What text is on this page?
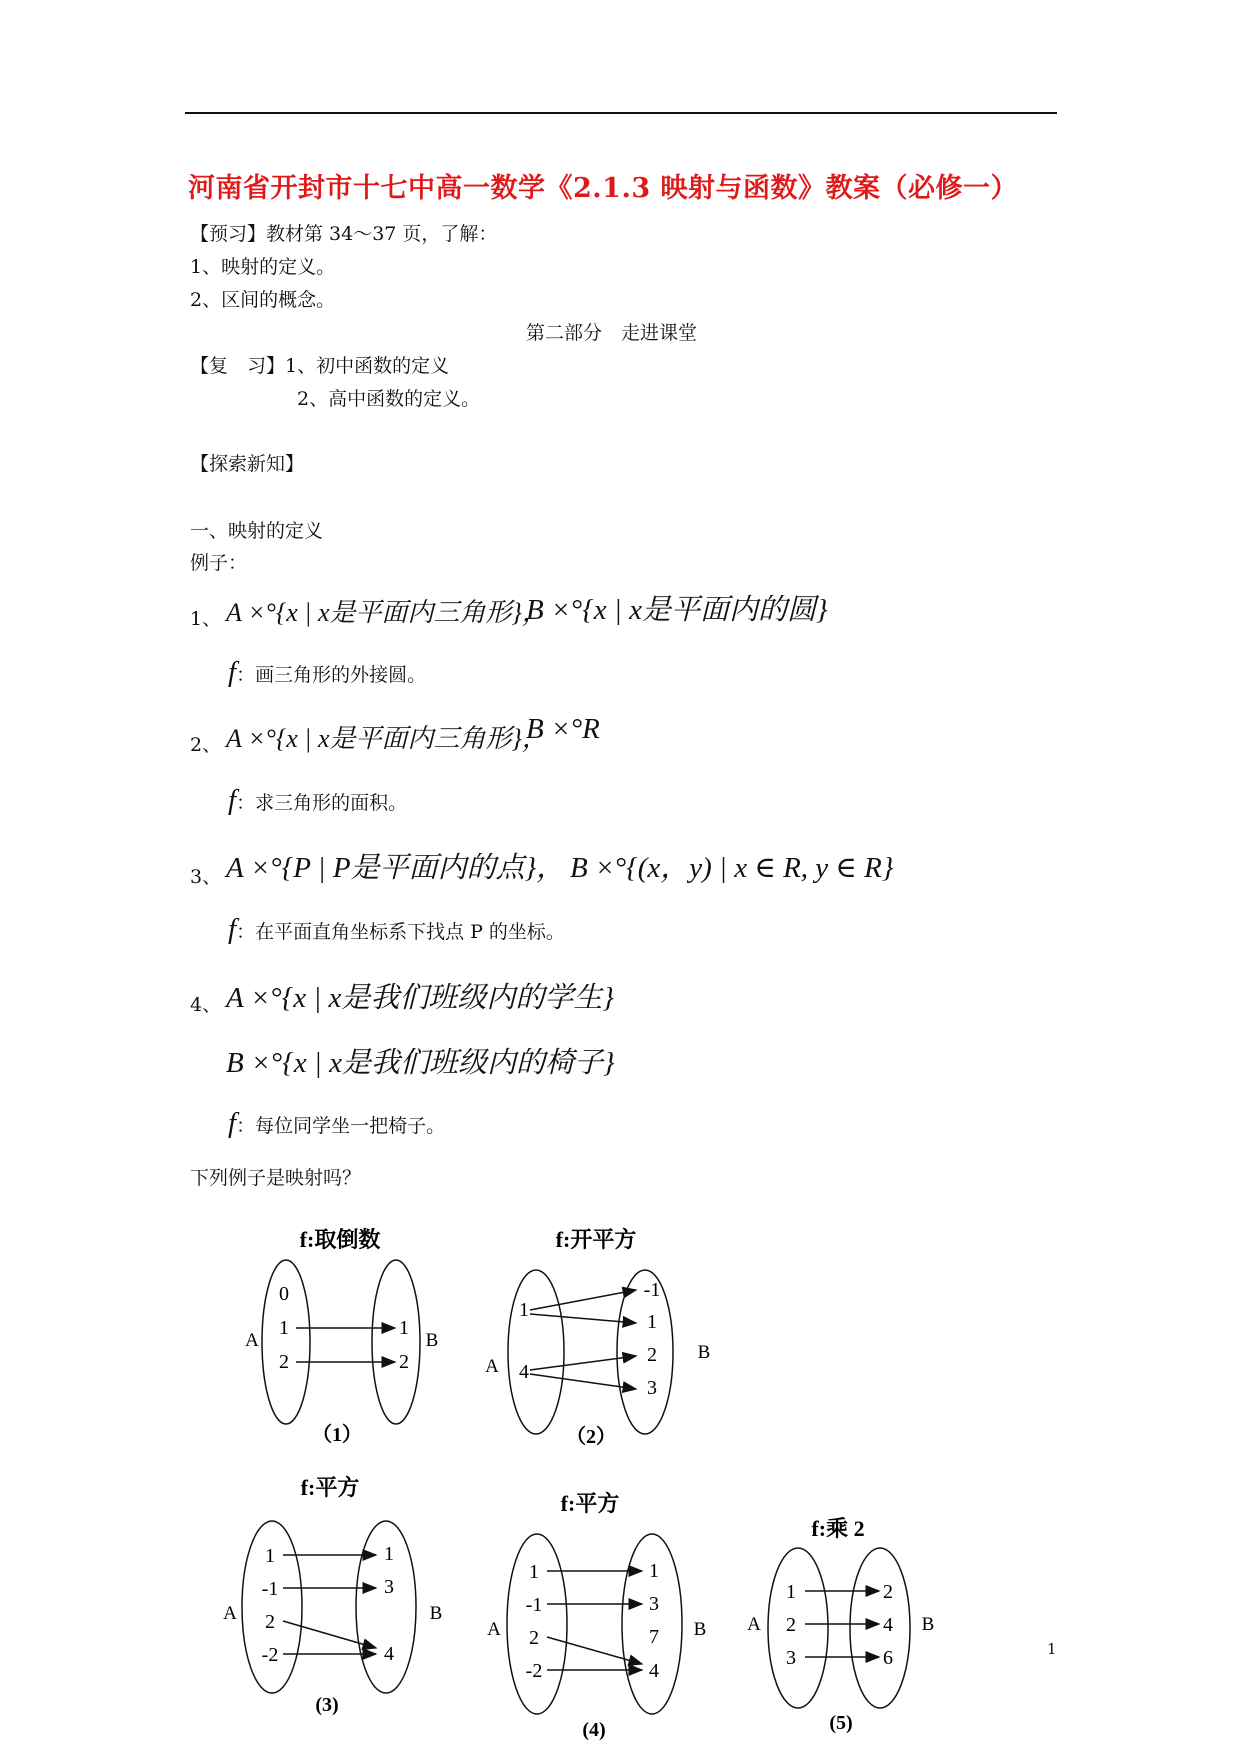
河南省开封市十七中高一数学《2.1.3 映射与函数》教案（必修一）
【预习】教材第 34～37 页，了解：
1、映射的定义。
2、区间的概念。
第二部分　走进课堂
【复　习】1、初中函数的定义
2、高中函数的定义。
【探索新知】
一、映射的定义
例子：
1、 A ×°{x | x是平面内三角形}，
B ×°{x | x是平面内的圆}
f：画三角形的外接圆。
2、 A ×°{x | x是平面内三角形}，
B ×°R
f：求三角形的面积。
3、 A ×°{P | P是平面内的点}， B ×°{(x，y) | x ∈ R, y ∈ R}
f：在平面直角坐标系下找点 P 的坐标。
4、 A ×°{x | x是我们班级内的学生}
B ×°{x | x是我们班级内的椅子}
f：每位同学坐一把椅子。
下列例子是映射吗？
f:取倒数
A	B
0
1
2
1
2
（1）
f:开平方
A
B
1
4
-1
1
2
3
（2）
f:平方
A	B
1
-1
2
-2
1
3
4
(3)
f:平方
A	B
1
-1
2
-2
1
3
7
4
(4)
f:乘 2
A	B
1
2
3
2
4
6
(5)
1
